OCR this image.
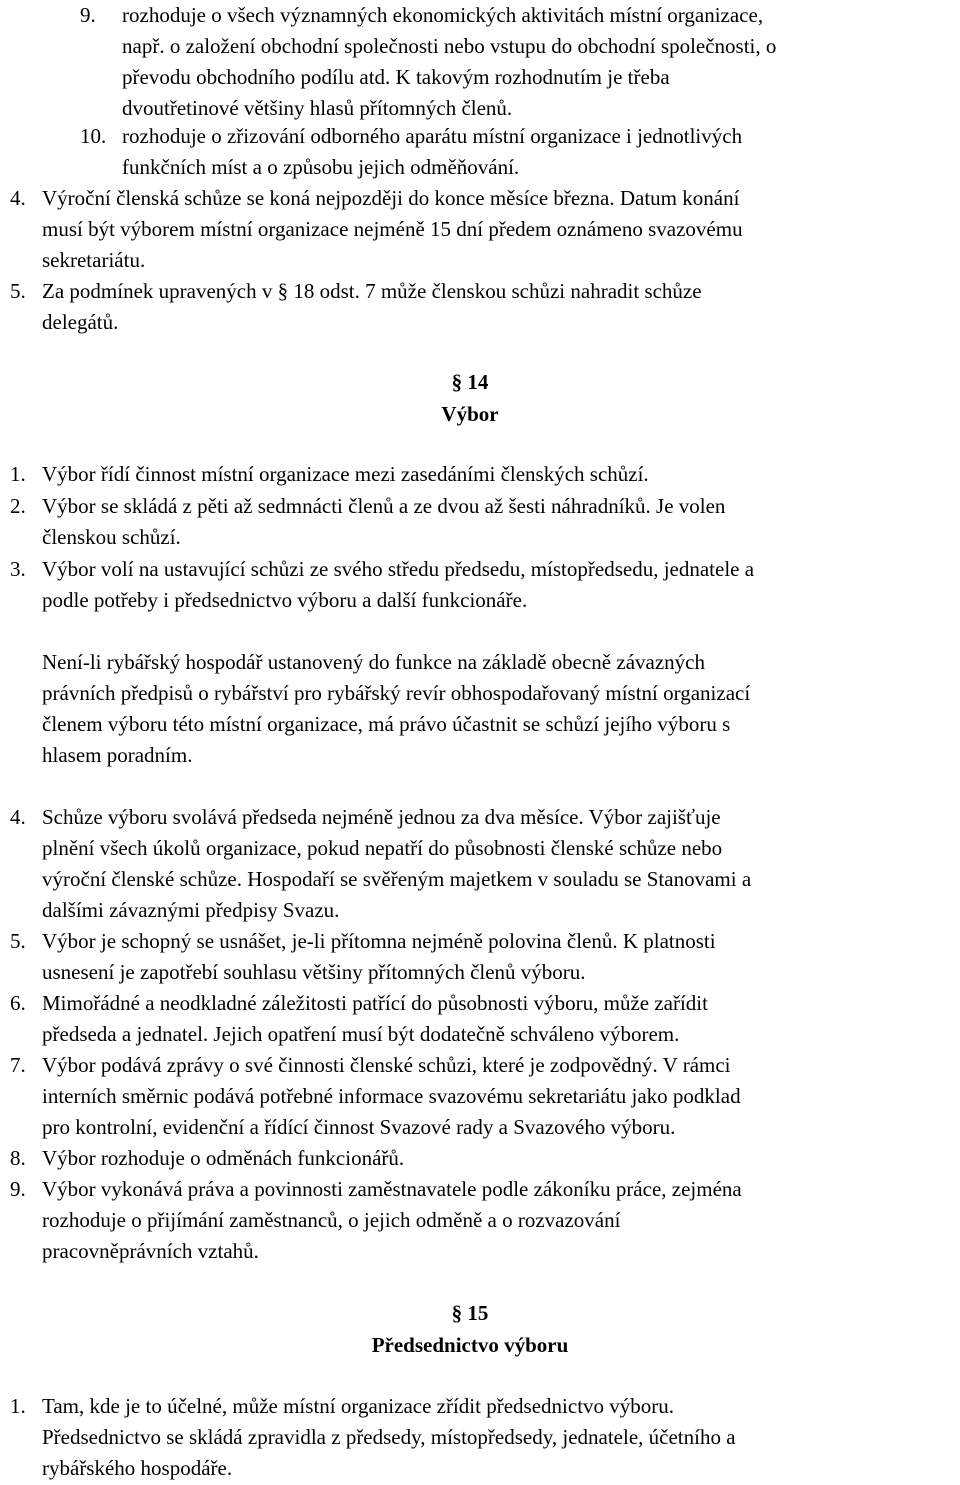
9. rozhoduje o všech významných ekonomických aktivitách místní organizace,
např. o založení obchodní společnosti nebo vstupu do obchodní společnosti, o
převodu obchodního podílu atd. K takovým rozhodnutím je třeba
dvoutřetinové většiny hlasů přítomných členů.
10. rozhoduje o zřizování odborného aparátu místní organizace i jednotlivých
funkčních míst a o způsobu jejich odměňování.
4. Výroční členská schůze se koná nejpozději do konce měsíce března. Datum konání
musí být výborem místní organizace nejméně 15 dní předem oznámeno svazovému
sekretariátu.
5. Za podmínek upravených v § 18 odst. 7 může členskou schůzi nahradit schůze
delegátů.
§ 14
Výbor
1. Výbor řídí činnost místní organizace mezi zasedáními členských schůzí.
2. Výbor se skládá z pěti až sedmnácti členů a ze dvou až šesti náhradníků. Je volen
členskou schůzí.
3. Výbor volí na ustavující schůzi ze svého středu předsedu, místopředsedu, jednatele a
podle potřeby i předsednictvo výboru a další funkcionáře.
Není-li rybářský hospodář ustanovený do funkce na základě obecně závazných
právních předpisů o rybářství pro rybářský revír obhospodařovaný místní organizací
členem výboru této místní organizace, má právo účastnit se schůzí jejího výboru s
hlasem poradním.
4. Schůze výboru svolává předseda nejméně jednou za dva měsíce. Výbor zajišťuje
plnění všech úkolů organizace, pokud nepatří do působnosti členské schůze nebo
výroční členské schůze. Hospodaří se svěřeným majetkem v souladu se Stanovami a
dalšími závaznými předpisy Svazu.
5. Výbor je schopný se usnášet, je-li přítomna nejméně polovina členů. K platnosti
usnesení je zapotřebí souhlasu většiny přítomných členů výboru.
6. Mimořádné a neodkladné záležitosti patřící do působnosti výboru, může zařídit
předseda a jednatel. Jejich opatření musí být dodatečně schváleno výborem.
7. Výbor podává zprávy o své činnosti členské schůzi, které je zodpovědný. V rámci
interních směrnic podává potřebné informace svazovému sekretariátu jako podklad
pro kontrolní, evidenční a řídící činnost Svazové rady a Svazového výboru.
8. Výbor rozhoduje o odměnách funkcionářů.
9. Výbor vykonává práva a povinnosti zaměstnavatele podle zákoníku práce, zejména
rozhoduje o přijímání zaměstnanců, o jejich odměně a o rozvazování
pracovněprávních vztahů.
§ 15
Předsednictvo výboru
1. Tam, kde je to účelné, může místní organizace zřídit předsednictvo výboru.
Předsednictvo se skládá zpravidla z předsedy, místopředsedy, jednatele, účetního a
rybářského hospodáře.
